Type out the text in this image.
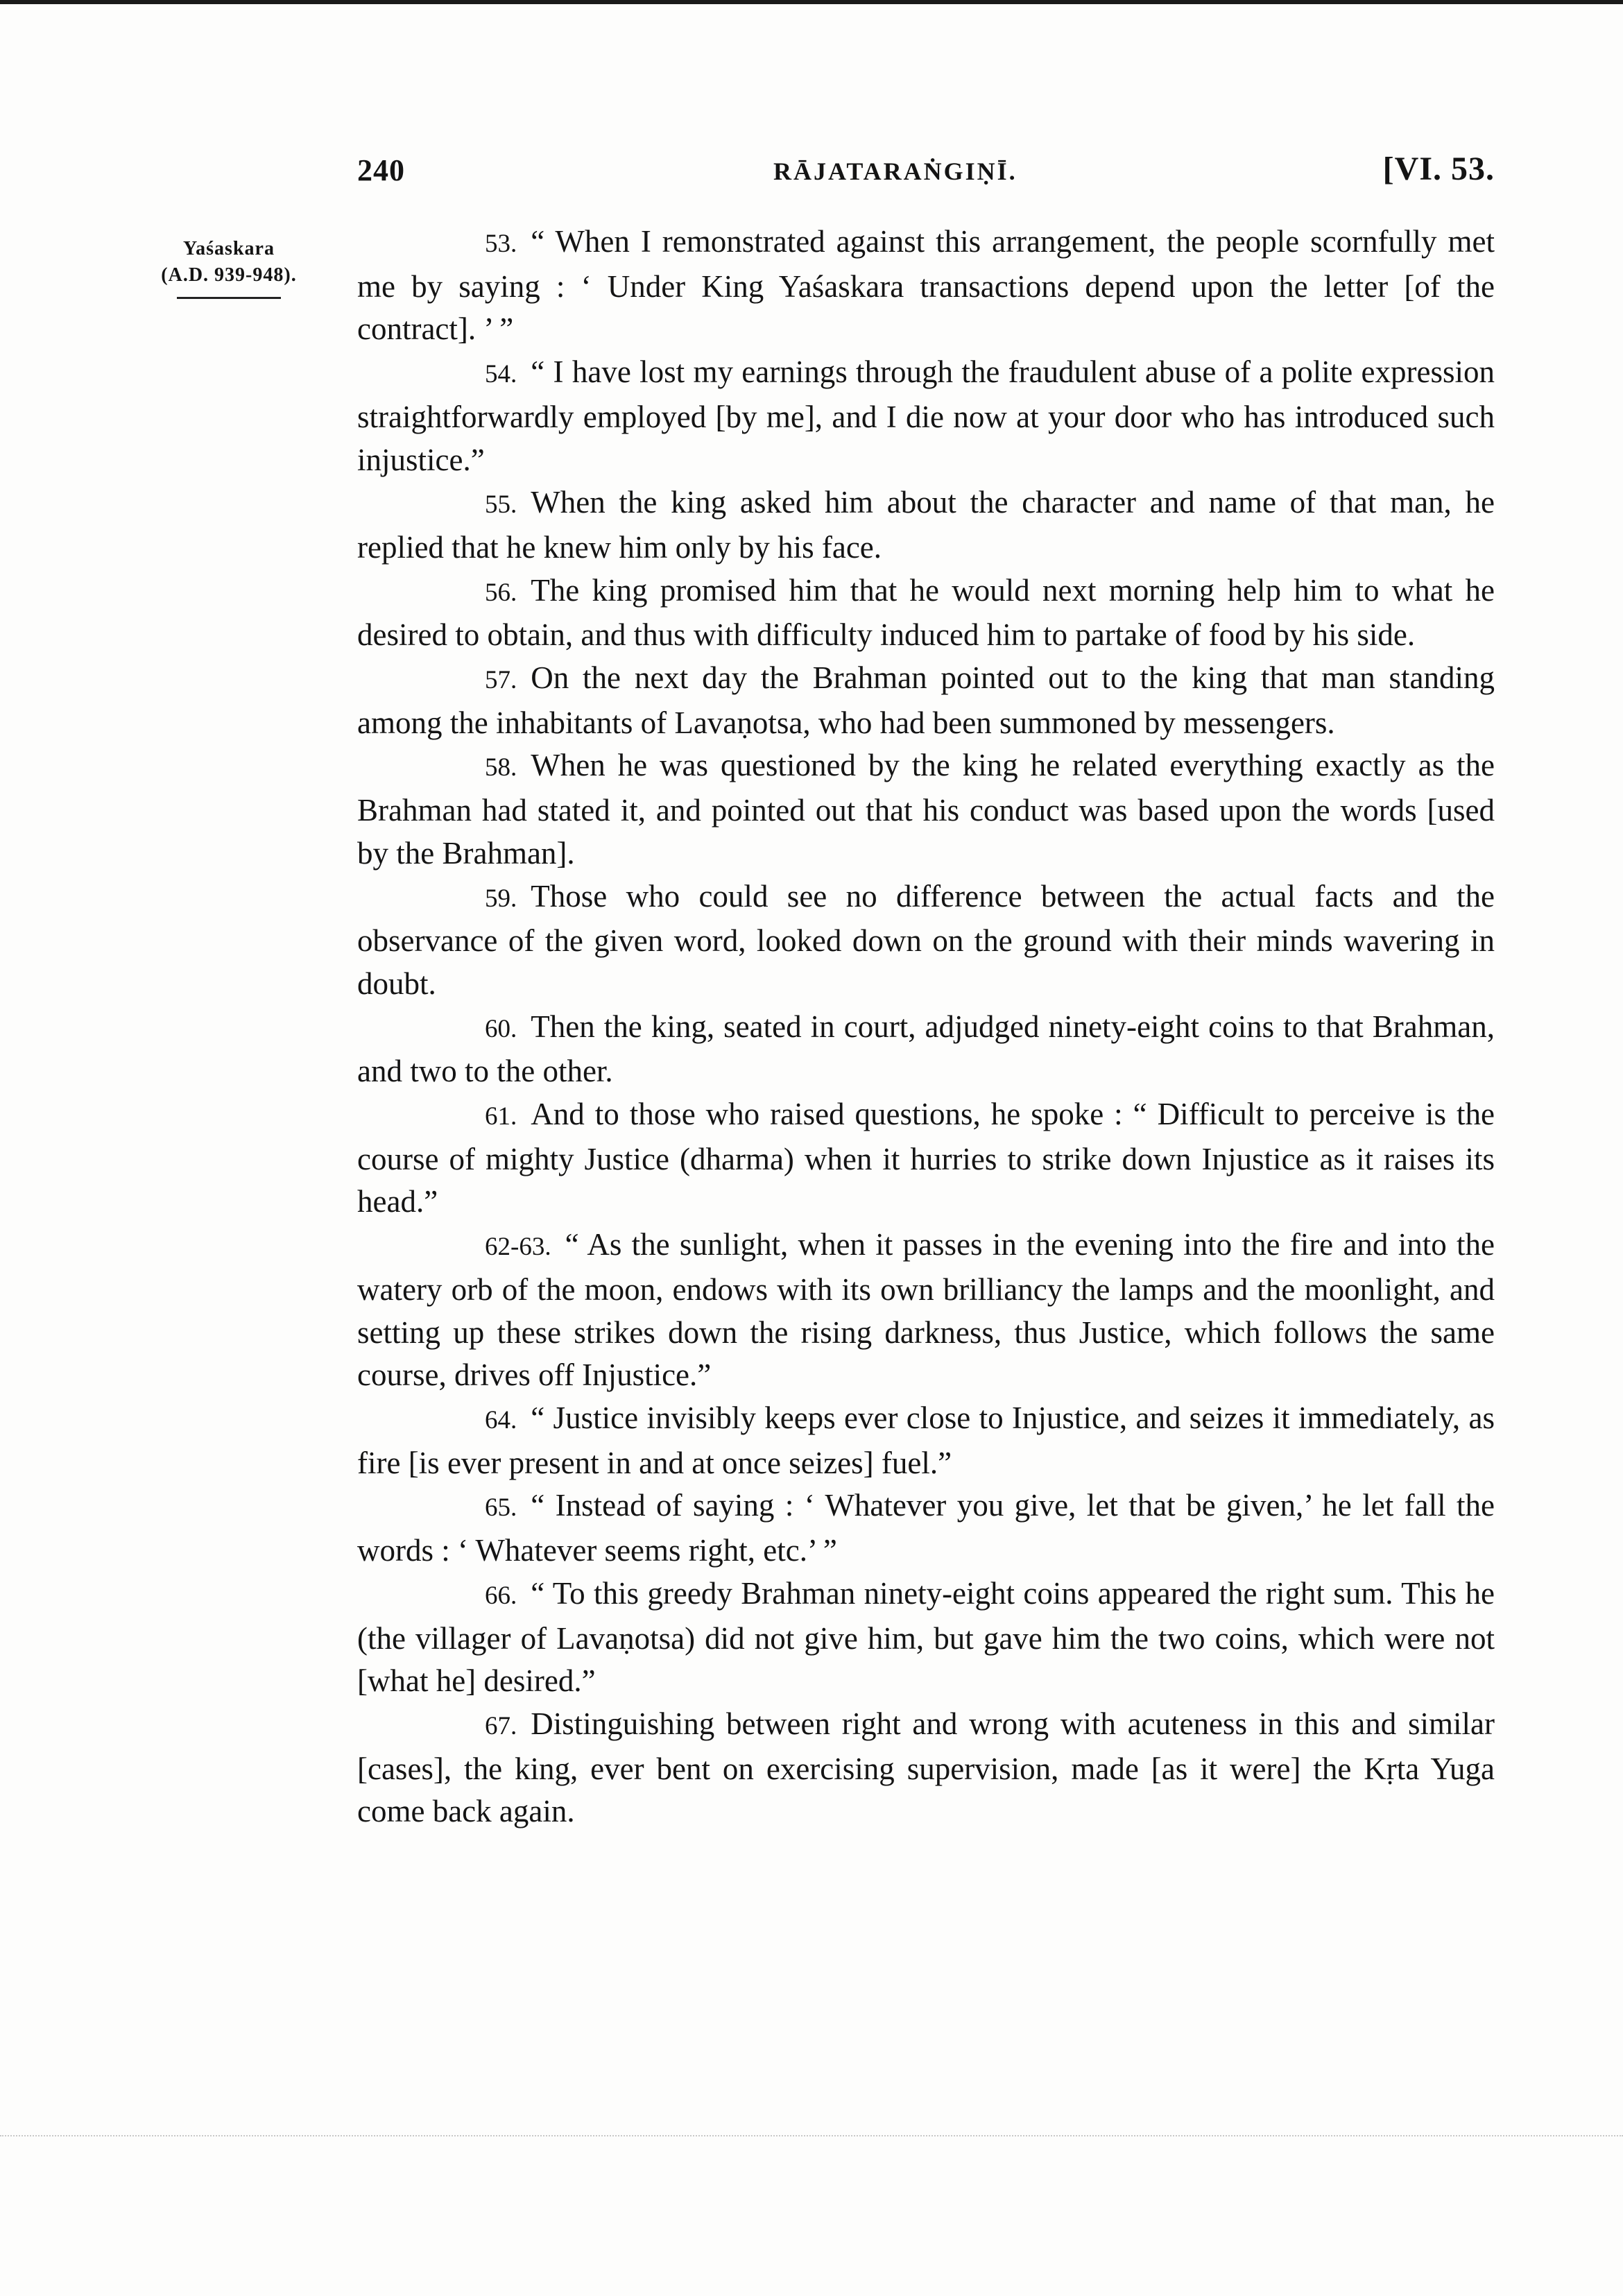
240	RĀJATARAṄGIṆĪ.	[VI. 53.
Yaśaskara
(A.D. 939-948).

53. “ When I remonstrated against this arrangement, the people scornfully met me by saying : ‘ Under King Yaśaskara transactions depend upon the letter [of the contract]. ’ ”

54. “ I have lost my earnings through the fraudulent abuse of a polite expression straightforwardly employed [by me], and I die now at your door who has introduced such injustice.”

55. When the king asked him about the character and name of that man, he replied that he knew him only by his face.

56. The king promised him that he would next morning help him to what he desired to obtain, and thus with difficulty induced him to partake of food by his side.

57. On the next day the Brahman pointed out to the king that man standing among the inhabitants of Lavaṇotsa, who had been summoned by messengers.

58. When he was questioned by the king he related everything exactly as the Brahman had stated it, and pointed out that his conduct was based upon the words [used by the Brahman].

59. Those who could see no difference between the actual facts and the observance of the given word, looked down on the ground with their minds wavering in doubt.

60. Then the king, seated in court, adjudged ninety-eight coins to that Brahman, and two to the other.

61. And to those who raised questions, he spoke : “ Difficult to perceive is the course of mighty Justice (dharma) when it hurries to strike down Injustice as it raises its head.”

62-63. “ As the sunlight, when it passes in the evening into the fire and into the watery orb of the moon, endows with its own brilliancy the lamps and the moonlight, and setting up these strikes down the rising darkness, thus Justice, which follows the same course, drives off Injustice.”

64. “ Justice invisibly keeps ever close to Injustice, and seizes it immediately, as fire [is ever present in and at once seizes] fuel.”

65. “ Instead of saying : ‘ Whatever you give, let that be given,’ he let fall the words : ‘ Whatever seems right, etc.’ ”

66. “ To this greedy Brahman ninety-eight coins appeared the right sum. This he (the villager of Lavaṇotsa) did not give him, but gave him the two coins, which were not [what he] desired.”

67. Distinguishing between right and wrong with acuteness in this and similar [cases], the king, ever bent on exercising supervision, made [as it were] the Kṛta Yuga come back again.
